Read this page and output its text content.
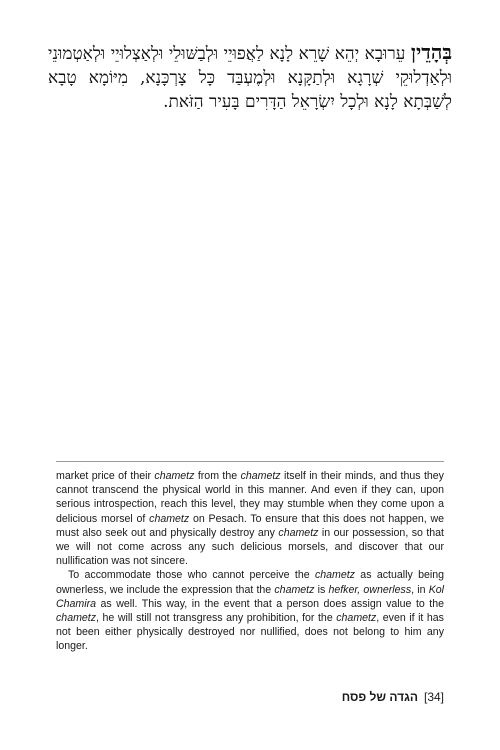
בְּהָדֵין עֵרוּבָא יְהֵא שָׁרֵא לָנָא לַאֲפוּיֵי וּלְבַשּׁוּלֵי וּלְאַצְלוּיֵי וּלְאַטְמוּנֵי וּלְאַדְלוּקֵי שְׁרָגָא וּלְתַקָּנָא וּלְמֶעְבַּד כָּל צָרְכָּנָא, מִיּוֹמָא טָבָא לְשַׁבְּתָא לָנָא וּלְכָל יִשְׂרָאֵל הַדָּרִים בָּעִיר הַזֹּאת.

market price of their chametz from the chametz itself in their minds, and thus they cannot transcend the physical world in this manner. And even if they can, upon serious introspection, reach this level, they may stumble when they come upon a delicious morsel of chametz on Pesach. To ensure that this does not happen, we must also seek out and physically destroy any chametz in our possession, so that we will not come across any such delicious morsels, and discover that our nullification was not sincere.

To accommodate those who cannot perceive the chametz as actually being ownerless, we include the expression that the chametz is hefker, ownerless, in Kol Chamira as well. This way, in the event that a person does assign value to the chametz, he will still not transgress any prohibition, for the chametz, even if it has not been either physically destroyed nor nullified, does not belong to him any longer.

הגדה של פסח [34]
